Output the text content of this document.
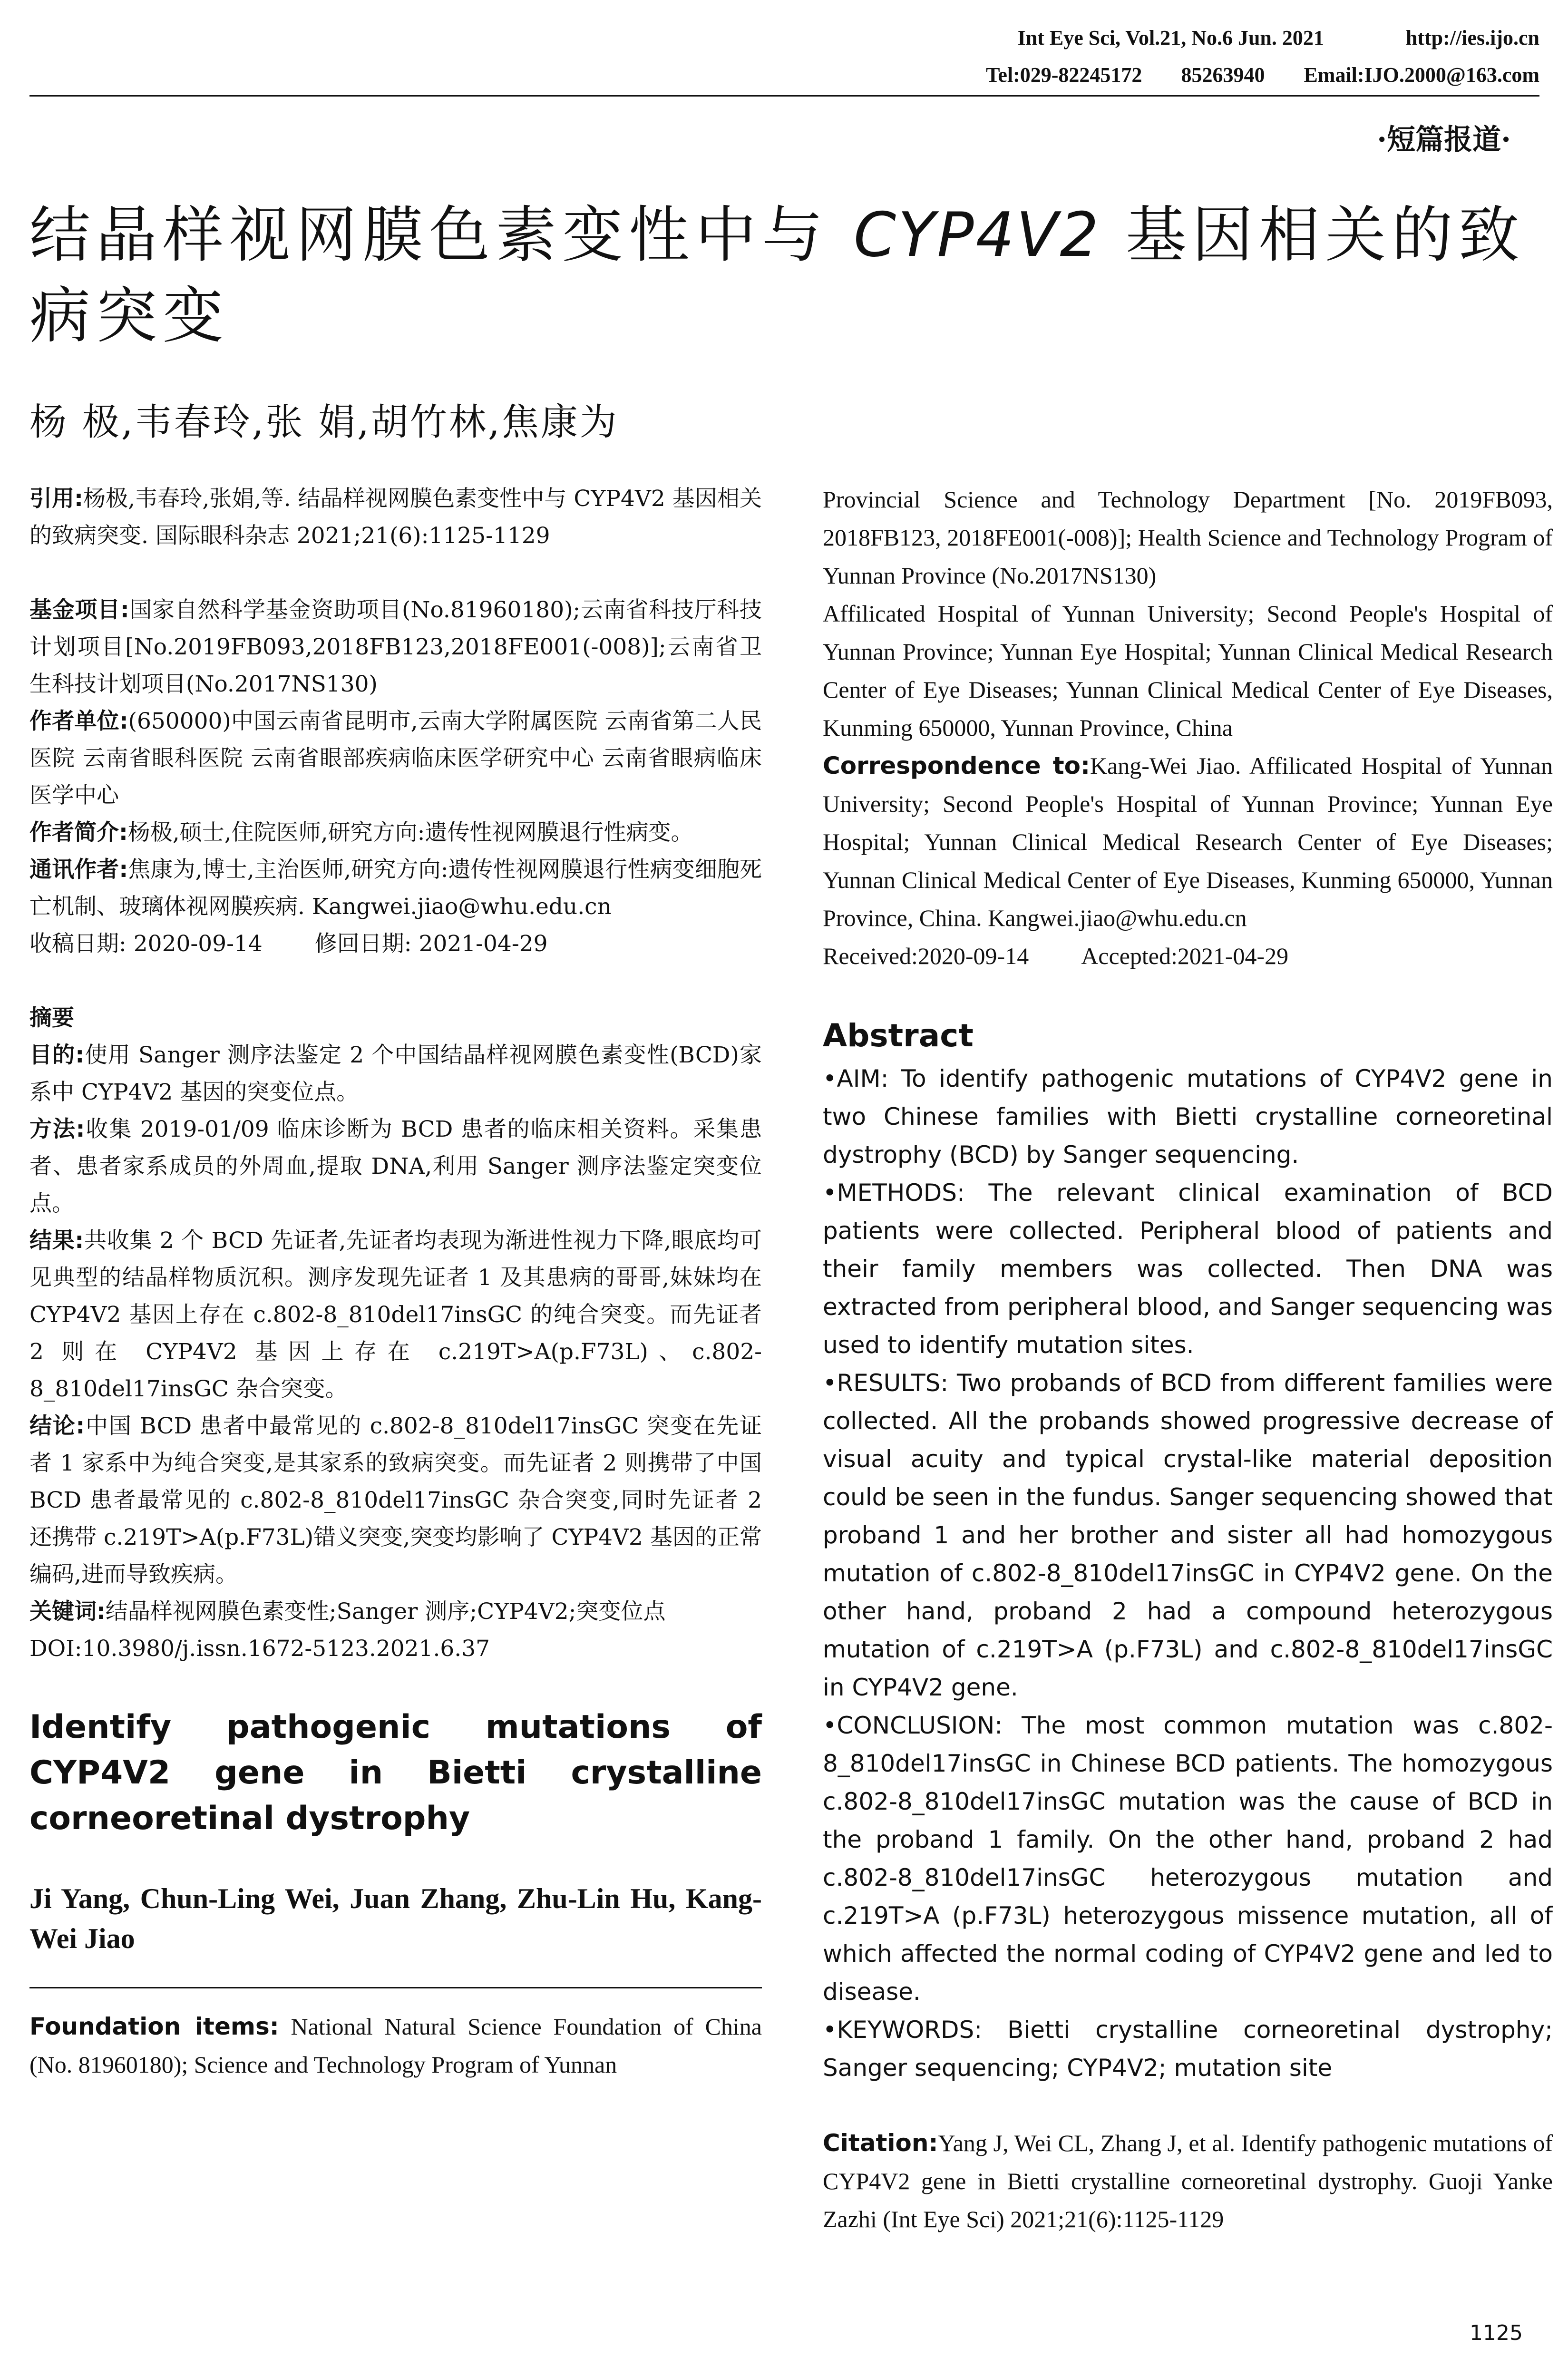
Int Eye Sci, Vol.21, No.6 Jun. 2021	http://ies.ijo.cn
Tel:029-82245172 85263940 Email:IJO.2000@163.com
·短篇报道·
结晶样视网膜色素变性中与 CYP4V2 基因相关的致病突变
杨 极,韦春玲,张 娟,胡竹林,焦康为

引用:杨极,韦春玲,张娟,等. 结晶样视网膜色素变性中与 CYP4V2 基因相关的致病突变. 国际眼科杂志 2021;21(6):1125-1129

基金项目:国家自然科学基金资助项目(No.81960180);云南省科技厅科技计划项目[No.2019FB093,2018FB123,2018FE001(-008)];云南省卫生科技计划项目(No.2017NS130)

作者单位:(650000)中国云南省昆明市,云南大学附属医院 云南省第二人民医院 云南省眼科医院 云南省眼部疾病临床医学研究中心 云南省眼病临床医学中心

作者简介:杨极,硕士,住院医师,研究方向:遗传性视网膜退行性病变。

通讯作者:焦康为,博士,主治医师,研究方向:遗传性视网膜退行性病变细胞死亡机制、玻璃体视网膜疾病. Kangwei.jiao@whu.edu.cn

收稿日期: 2020-09-14 修回日期: 2021-04-29

摘要

目的:使用 Sanger 测序法鉴定 2 个中国结晶样视网膜色素变性(BCD)家系中 CYP4V2 基因的突变位点。

方法:收集 2019-01/09 临床诊断为 BCD 患者的临床相关资料。采集患者、患者家系成员的外周血,提取 DNA,利用 Sanger 测序法鉴定突变位点。

结果:共收集 2 个 BCD 先证者,先证者均表现为渐进性视力下降,眼底均可见典型的结晶样物质沉积。测序发现先证者 1 及其患病的哥哥,妹妹均在 CYP4V2 基因上存在 c.802-8_810del17insGC 的纯合突变。而先证者 2 则在 CYP4V2 基因上存在 c.219T>A(p.F73L)、c.802-8_810del17insGC 杂合突变。

结论:中国 BCD 患者中最常见的 c.802-8_810del17insGC 突变在先证者 1 家系中为纯合突变,是其家系的致病突变。而先证者 2 则携带了中国 BCD 患者最常见的 c.802-8_810del17insGC 杂合突变,同时先证者 2 还携带 c.219T>A(p.F73L)错义突变,突变均影响了 CYP4V2 基因的正常编码,进而导致疾病。

关键词:结晶样视网膜色素变性;Sanger 测序;CYP4V2;突变位点

DOI:10.3980/j.issn.1672-5123.2021.6.37

Identify pathogenic mutations of CYP4V2 gene in Bietti crystalline corneoretinal dystrophy

Ji Yang, Chun-Ling Wei, Juan Zhang, Zhu-Lin Hu, Kang-Wei Jiao

Foundation items: National Natural Science Foundation of China (No. 81960180); Science and Technology Program of Yunnan

Provincial Science and Technology Department [No. 2019FB093, 2018FB123, 2018FE001(-008)]; Health Science and Technology Program of Yunnan Province (No.2017NS130)

Affilicated Hospital of Yunnan University; Second People's Hospital of Yunnan Province; Yunnan Eye Hospital; Yunnan Clinical Medical Research Center of Eye Diseases; Yunnan Clinical Medical Center of Eye Diseases, Kunming 650000, Yunnan Province, China

Correspondence to:Kang-Wei Jiao. Affilicated Hospital of Yunnan University; Second People's Hospital of Yunnan Province; Yunnan Eye Hospital; Yunnan Clinical Medical Research Center of Eye Diseases; Yunnan Clinical Medical Center of Eye Diseases, Kunming 650000, Yunnan Province, China. Kangwei.jiao@whu.edu.cn

Received:2020-09-14 Accepted:2021-04-29

Abstract

•AIM: To identify pathogenic mutations of CYP4V2 gene in two Chinese families with Bietti crystalline corneoretinal dystrophy (BCD) by Sanger sequencing.

•METHODS: The relevant clinical examination of BCD patients were collected. Peripheral blood of patients and their family members was collected. Then DNA was extracted from peripheral blood, and Sanger sequencing was used to identify mutation sites.

•RESULTS: Two probands of BCD from different families were collected. All the probands showed progressive decrease of visual acuity and typical crystal-like material deposition could be seen in the fundus. Sanger sequencing showed that proband 1 and her brother and sister all had homozygous mutation of c.802-8_810del17insGC in CYP4V2 gene. On the other hand, proband 2 had a compound heterozygous mutation of c.219T>A (p.F73L) and c.802-8_810del17insGC in CYP4V2 gene.

•CONCLUSION: The most common mutation was c.802-8_810del17insGC in Chinese BCD patients. The homozygous c.802-8_810del17insGC mutation was the cause of BCD in the proband 1 family. On the other hand, proband 2 had c.802-8_810del17insGC heterozygous mutation and c.219T>A (p.F73L) heterozygous missence mutation, all of which affected the normal coding of CYP4V2 gene and led to disease.

•KEYWORDS: Bietti crystalline corneoretinal dystrophy; Sanger sequencing; CYP4V2; mutation site

Citation:Yang J, Wei CL, Zhang J, et al. Identify pathogenic mutations of CYP4V2 gene in Bietti crystalline corneoretinal dystrophy. Guoji Yanke Zazhi (Int Eye Sci) 2021;21(6):1125-1129

1125
